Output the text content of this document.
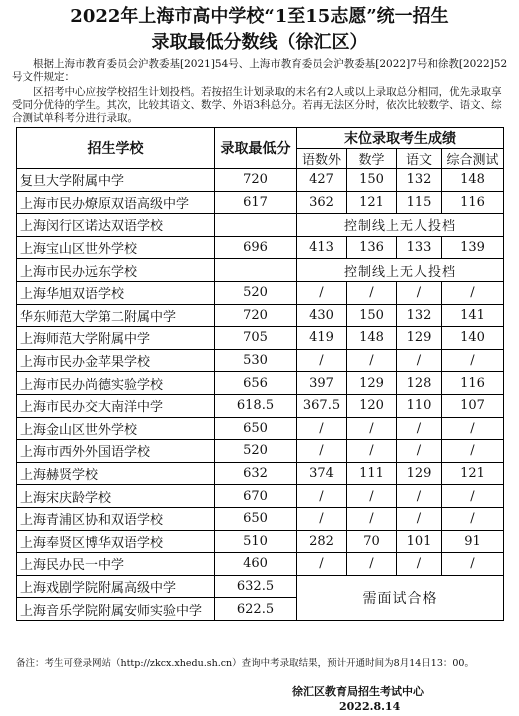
2022年上海市高中学校“1至15志愿”统一招生
录取最低分数线（徐汇区）
根据上海市教育委员会沪教委基[2021]54号、上海市教育委员会沪教委基[2022]7号和徐教[2022]52号文件规定：
区招考中心应按学校招生计划投档。若按招生计划录取的末名有2人或以上录取总分相同，优先录取享受同分优待的学生。其次，比较其语文、数学、外语3科总分。若再无法区分时，依次比较数学、语文、综合测试单科考分进行录取。
招生学校	录取最低分	末位录取考生成绩			
		语数外	数学	语文	综合测试
复旦大学附属中学	720	427	150	132	148
上海市民办燎原双语高级中学	617	362	121	115	116
上海闵行区诺达双语学校		控制线上无人投档			
上海宝山区世外学校	696	413	136	133	139
上海市民办远东学校		控制线上无人投档			
上海华旭双语学校	520	/	/	/	/
华东师范大学第二附属中学	720	430	150	132	141
上海师范大学附属中学	705	419	148	129	140
上海市民办金苹果学校	530	/	/	/	/
上海市民办尚德实验学校	656	397	129	128	116
上海市民办交大南洋中学	618.5	367.5	120	110	107
上海金山区世外学校	650	/	/	/	/
上海市西外外国语学校	520	/	/	/	/
上海赫贤学校	632	374	111	129	121
上海宋庆龄学校	670	/	/	/	/
上海青浦区协和双语学校	650	/	/	/	/
上海奉贤区博华双语学校	510	282	70	101	91
上海民办民一中学	460	/	/	/	/
上海戏剧学院附属高级中学	632.5	需面试合格			
上海音乐学院附属安师实验中学	622.5				
备注：考生可登录网站（http://zkcx.xhedu.sh.cn）查询中考录取结果，预计开通时间为8月14日13：00。
徐汇区教育局招生考试中心
2022.8.14
